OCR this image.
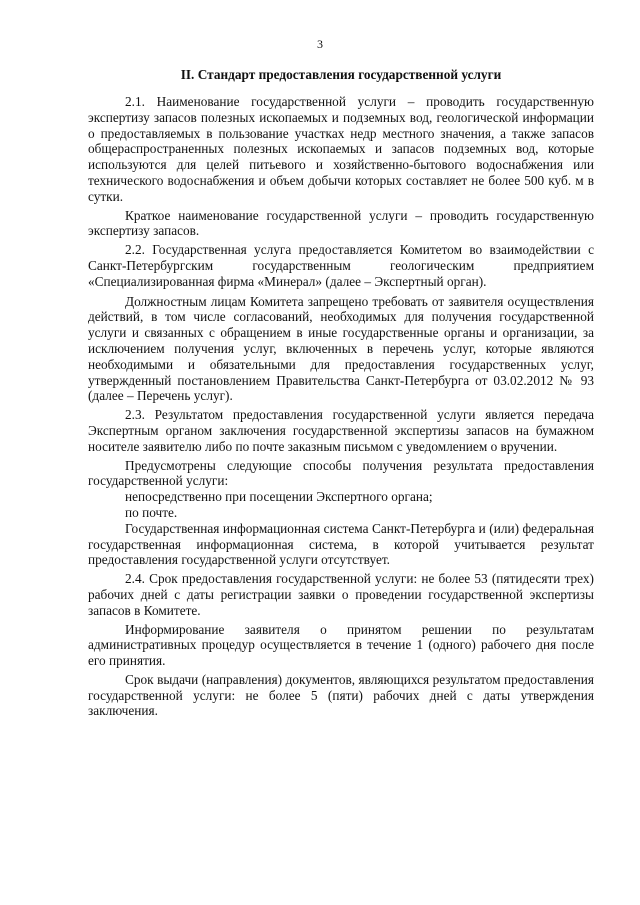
3
II. Стандарт предоставления государственной услуги

2.1. Наименование государственной услуги – проводить государственную экспертизу запасов полезных ископаемых и подземных вод, геологической информации о предоставляемых в пользование участках недр местного значения, а также запасов общераспространенных полезных ископаемых и запасов подземных вод, которые используются для целей питьевого и хозяйственно-бытового водоснабжения или технического водоснабжения и объем добычи которых составляет не более 500 куб. м в сутки.

Краткое наименование государственной услуги – проводить государственную экспертизу запасов.

2.2. Государственная услуга предоставляется Комитетом во взаимодействии с Санкт-Петербургским государственным геологическим предприятием «Специализированная фирма «Минерал» (далее – Экспертный орган).

Должностным лицам Комитета запрещено требовать от заявителя осуществления действий, в том числе согласований, необходимых для получения государственной услуги и связанных с обращением в иные государственные органы и организации, за исключением получения услуг, включенных в перечень услуг, которые являются необходимыми и обязательными для предоставления государственных услуг, утвержденный постановлением Правительства Санкт-Петербурга от 03.02.2012 № 93 (далее – Перечень услуг).

2.3. Результатом предоставления государственной услуги является передача Экспертным органом заключения государственной экспертизы запасов на бумажном носителе заявителю либо по почте заказным письмом с уведомлением о вручении.

Предусмотрены следующие способы получения результата предоставления государственной услуги:

непосредственно при посещении Экспертного органа;

по почте.

Государственная информационная система Санкт-Петербурга и (или) федеральная государственная информационная система, в которой учитывается результат предоставления государственной услуги отсутствует.

2.4. Срок предоставления государственной услуги: не более 53 (пятидесяти трех) рабочих дней с даты регистрации заявки о проведении государственной экспертизы запасов в Комитете.

Информирование заявителя о принятом решении по результатам административных процедур осуществляется в течение 1 (одного) рабочего дня после его принятия.

Срок выдачи (направления) документов, являющихся результатом предоставления государственной услуги: не более 5 (пяти) рабочих дней с даты утверждения заключения.
